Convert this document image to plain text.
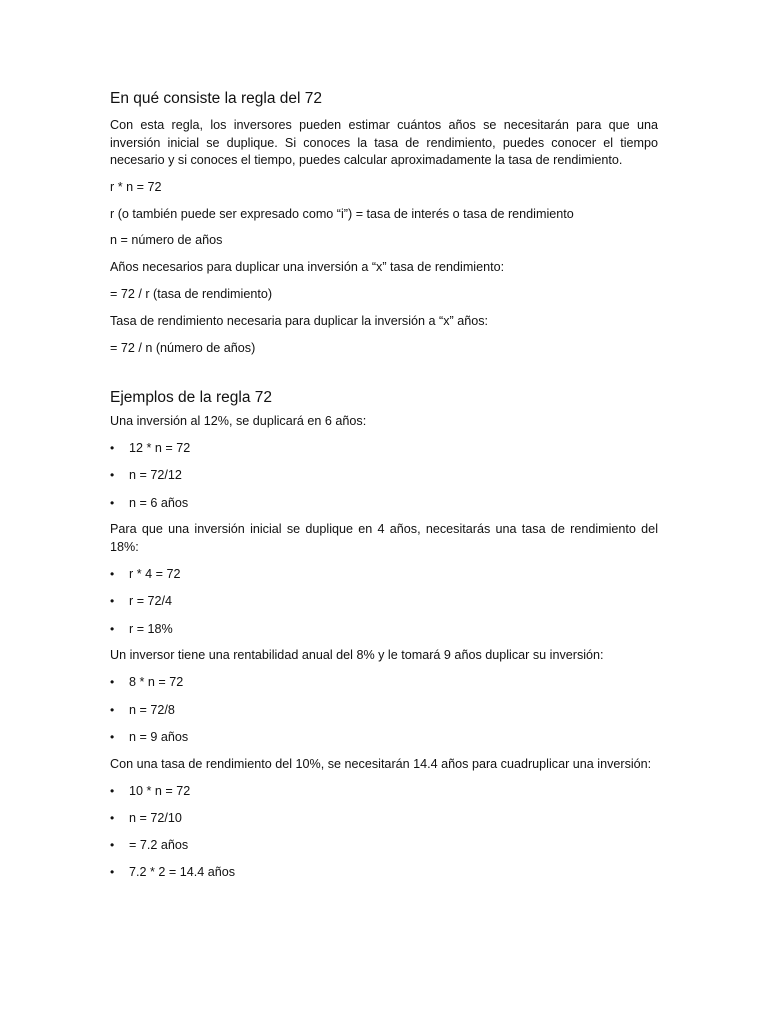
En qué consiste la regla del 72

Con esta regla, los inversores pueden estimar cuántos años se necesitarán para que una inversión inicial se duplique. Si conoces la tasa de rendimiento, puedes conocer el tiempo necesario y si conoces el tiempo, puedes calcular aproximadamente la tasa de rendimiento.

r * n = 72

r (o también puede ser expresado como “i”) = tasa de interés o tasa de rendimiento

n = número de años

Años necesarios para duplicar una inversión a “x” tasa de rendimiento:

= 72 / r (tasa de rendimiento)

Tasa de rendimiento necesaria para duplicar la inversión a “x” años:

= 72 / n (número de años)

Ejemplos de la regla 72

Una inversión al 12%, se duplicará en 6 años:

• 12 * n = 72
• n = 72/12
• n = 6 años

Para que una inversión inicial se duplique en 4 años, necesitarás una tasa de rendimiento del 18%:

• r * 4 = 72
• r = 72/4
• r = 18%

Un inversor tiene una rentabilidad anual del 8% y le tomará 9 años duplicar su inversión:

• 8 * n = 72
• n = 72/8
• n = 9 años

Con una tasa de rendimiento del 10%, se necesitarán 14.4 años para cuadruplicar una inversión:

• 10 * n = 72
• n = 72/10
• = 7.2 años
• 7.2 * 2 = 14.4 años
